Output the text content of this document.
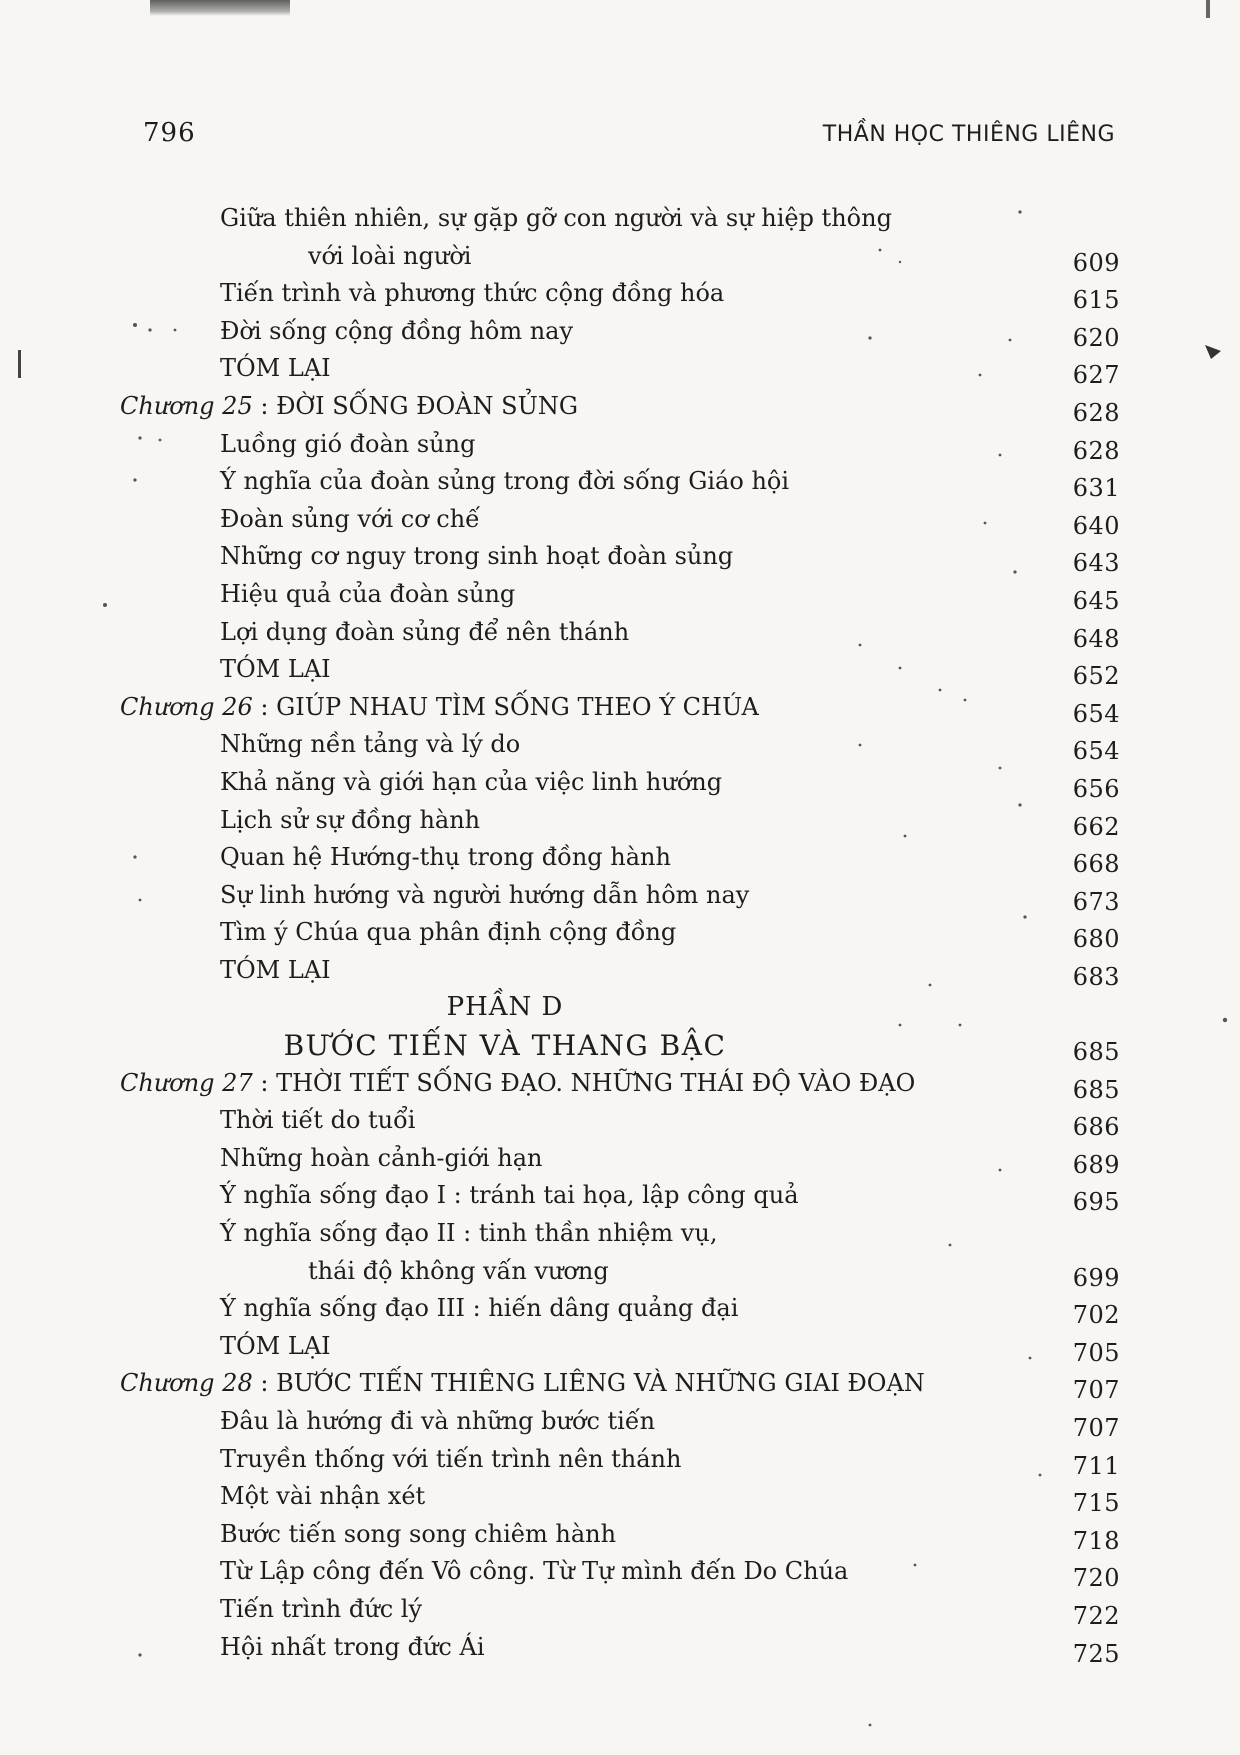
796	THẦN HỌC THIÊNG LIÊNG
Giữa thiên nhiên, sự gặp gỡ con người và sự hiệp thông
với loài người	609
Tiến trình và phương thức cộng đồng hóa	615
Đời sống cộng đồng hôm nay	620
TÓM LẠI	627
Chương 25 : ĐỜI SỐNG ĐOÀN SỦNG	628
Luồng gió đoàn sủng	628
Ý nghĩa của đoàn sủng trong đời sống Giáo hội	631
Đoàn sủng với cơ chế	640
Những cơ nguy trong sinh hoạt đoàn sủng	643
Hiệu quả của đoàn sủng	645
Lợi dụng đoàn sủng để nên thánh	648
TÓM LẠI	652
Chương 26 : GIÚP NHAU TÌM SỐNG THEO Ý CHÚA	654
Những nền tảng và lý do	654
Khả năng và giới hạn của việc linh hướng	656
Lịch sử sự đồng hành	662
Quan hệ Hướng-thụ trong đồng hành	668
Sự linh hướng và người hướng dẫn hôm nay	673
Tìm ý Chúa qua phân định cộng đồng	680
TÓM LẠI	683
PHẦN D
BƯỚC TIẾN VÀ THANG BẬC	685
Chương 27 : THỜI TIẾT SỐNG ĐẠO. NHỮNG THÁI ĐỘ VÀO ĐẠO	685
Thời tiết do tuổi	686
Những hoàn cảnh-giới hạn	689
Ý nghĩa sống đạo I : tránh tai họa, lập công quả	695
Ý nghĩa sống đạo II : tinh thần nhiệm vụ,
thái độ không vấn vương	699
Ý nghĩa sống đạo III : hiến dâng quảng đại	702
TÓM LẠI	705
Chương 28 : BƯỚC TIẾN THIÊNG LIÊNG VÀ NHỮNG GIAI ĐOẠN	707
Đâu là hướng đi và những bước tiến	707
Truyền thống với tiến trình nên thánh	711
Một vài nhận xét	715
Bước tiến song song chiêm hành	718
Từ Lập công đến Vô công. Từ Tự mình đến Do Chúa	720
Tiến trình đức lý	722
Hội nhất trong đức Ái	725
